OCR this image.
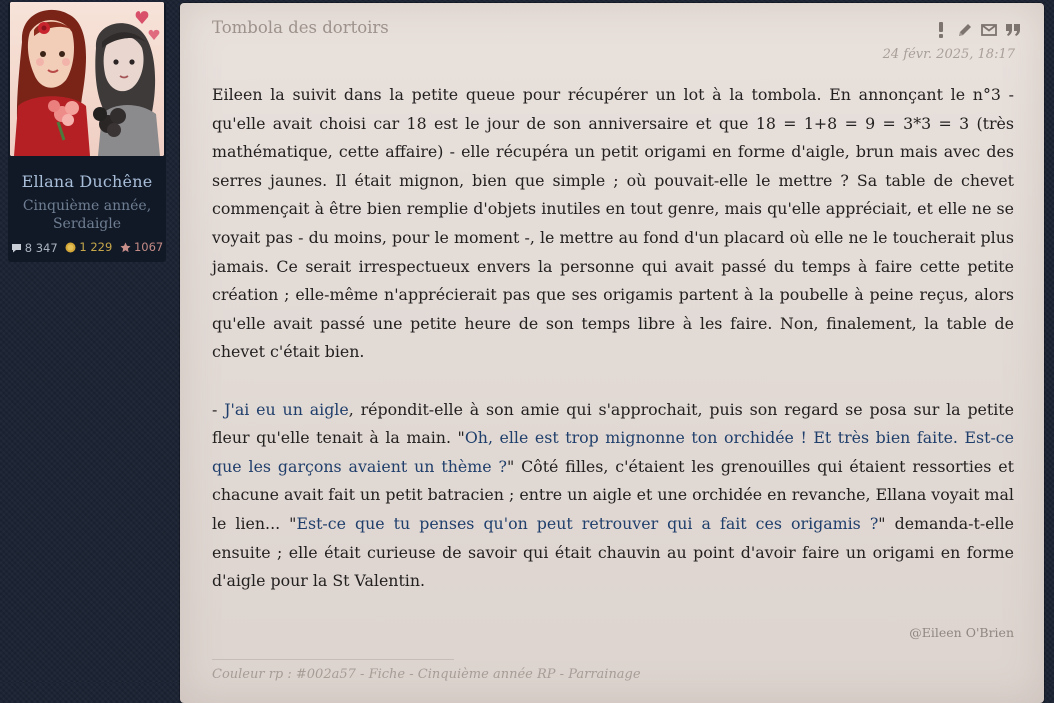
Ellana Duchêne
Cinquième année,
Serdaigle
8 347
1 229
1067
Tombola des dortoirs
24 févr. 2025, 18:17

Eileen la suivit dans la petite queue pour récupérer un lot à la tombola. En annonçant le n°3 - qu'elle avait choisi car 18 est le jour de son anniversaire et que 18 = 1+8 = 9 = 3*3 = 3 (très mathématique, cette affaire) - elle récupéra un petit origami en forme d'aigle, brun mais avec des serres jaunes. Il était mignon, bien que simple ; où pouvait-elle le mettre ? Sa table de chevet commençait à être bien remplie d'objets inutiles en tout genre, mais qu'elle appréciait, et elle ne se voyait pas - du moins, pour le moment -, le mettre au fond d'un placard où elle ne le toucherait plus jamais. Ce serait irrespectueux envers la personne qui avait passé du temps à faire cette petite création ; elle-même n'apprécierait pas que ses origamis partent à la poubelle à peine reçus, alors qu'elle avait passé une petite heure de son temps libre à les faire. Non, finalement, la table de chevet c'était bien.

- J'ai eu un aigle, répondit-elle à son amie qui s'approchait, puis son regard se posa sur la petite fleur qu'elle tenait à la main. "Oh, elle est trop mignonne ton orchidée ! Et très bien faite. Est-ce que les garçons avaient un thème ?" Côté filles, c'étaient les grenouilles qui étaient ressorties et chacune avait fait un petit batracien ; entre un aigle et une orchidée en revanche, Ellana voyait mal le lien... "Est-ce que tu penses qu'on peut retrouver qui a fait ces origamis ?" demanda-t-elle ensuite ; elle était curieuse de savoir qui était chauvin au point d'avoir faire un origami en forme d'aigle pour la St Valentin.

@Eileen O'Brien
Couleur rp : #002a57 - Fiche - Cinquième année RP - Parrainage
